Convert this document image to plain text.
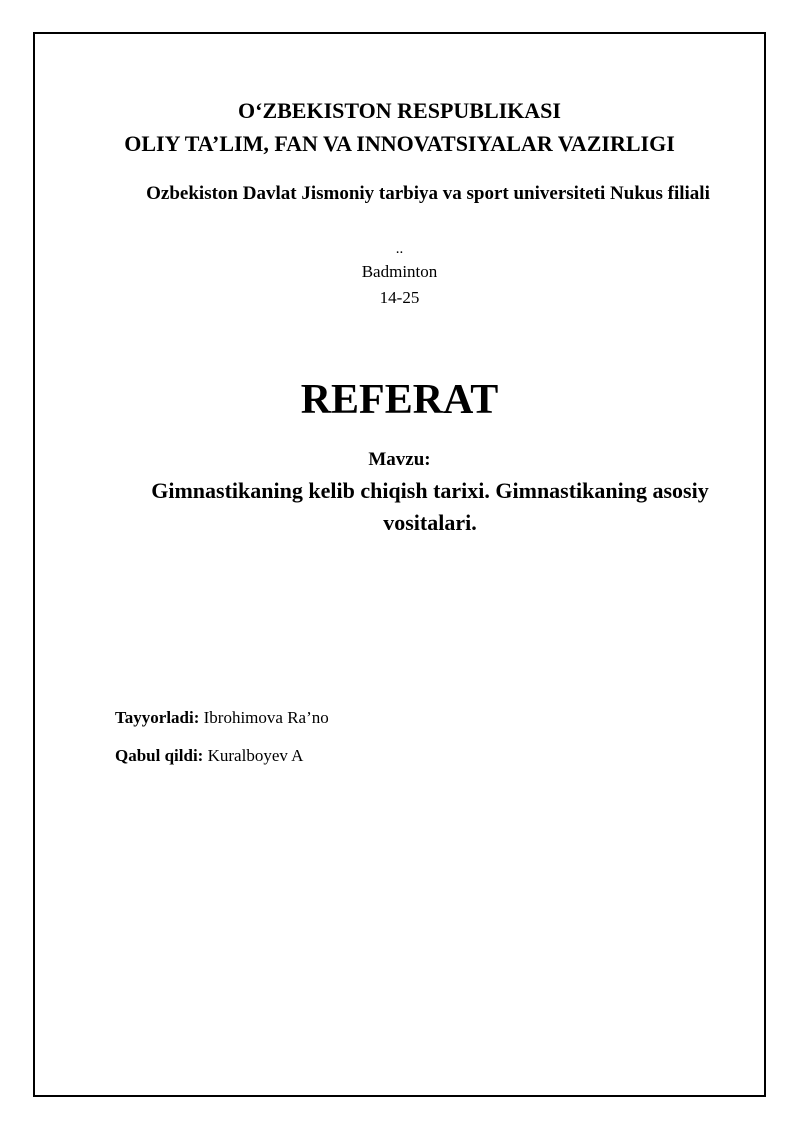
O‘ZBEKISTON RESPUBLIKASI
OLIY TA’LIM, FAN VA INNOVATSIYALAR VAZIRLIGI
Ozbekiston Davlat Jismoniy tarbiya va sport universiteti Nukus filiali
..
Badminton
14-25
REFERAT
Mavzu:
Gimnastikaning kelib chiqish tarixi. Gimnastikaning asosiy vositalari.
Tayyorladi: Ibrohimova Ra’no
Qabul qildi: Kuralboyev A
